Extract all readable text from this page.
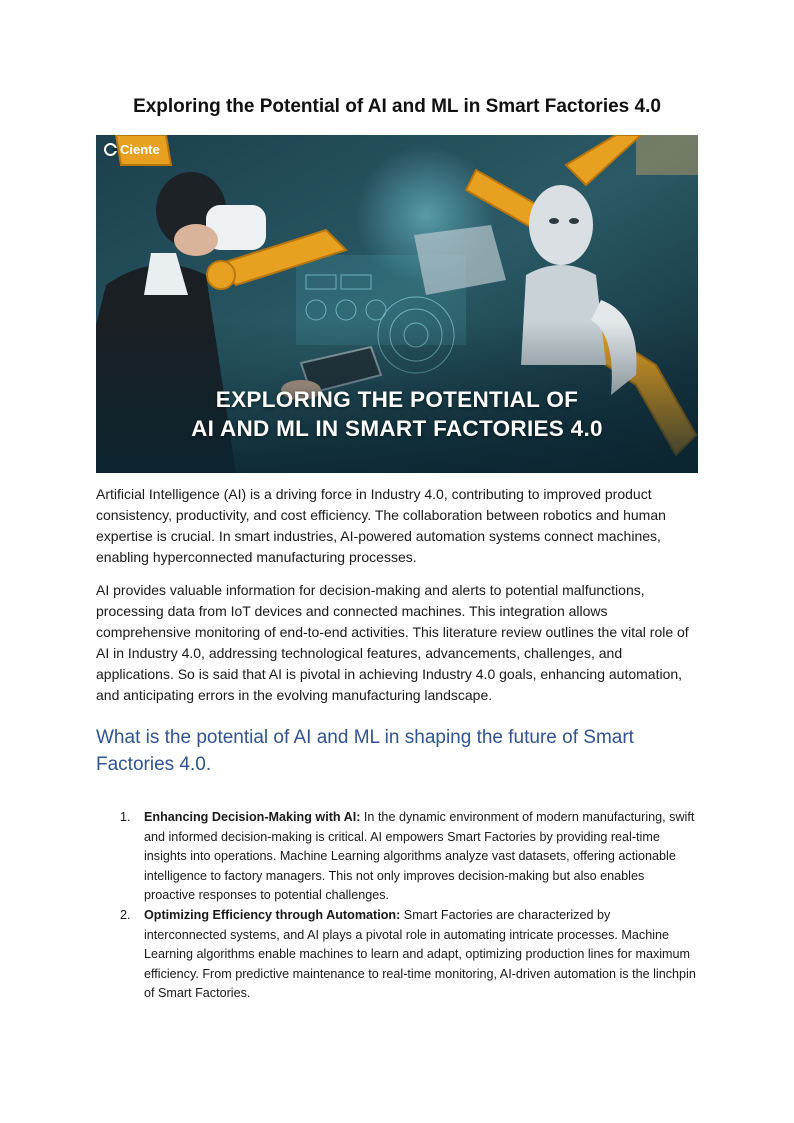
Exploring the Potential of AI and ML in Smart Factories 4.0
Ciente
EXPLORING THE POTENTIAL OF
AI AND ML IN SMART FACTORIES 4.0

Artificial Intelligence (AI) is a driving force in Industry 4.0, contributing to improved product consistency, productivity, and cost efficiency. The collaboration between robotics and human expertise is crucial. In smart industries, AI-powered automation systems connect machines, enabling hyperconnected manufacturing processes.

AI provides valuable information for decision-making and alerts to potential malfunctions, processing data from IoT devices and connected machines. This integration allows comprehensive monitoring of end-to-end activities. This literature review outlines the vital role of AI in Industry 4.0, addressing technological features, advancements, challenges, and applications. So is said that AI is pivotal in achieving Industry 4.0 goals, enhancing automation, and anticipating errors in the evolving manufacturing landscape.

What is the potential of AI and ML in shaping the future of Smart Factories 4.0.
1. Enhancing Decision-Making with AI: In the dynamic environment of modern manufacturing, swift and informed decision-making is critical. AI empowers Smart Factories by providing real-time insights into operations. Machine Learning algorithms analyze vast datasets, offering actionable intelligence to factory managers. This not only improves decision-making but also enables proactive responses to potential challenges.
2. Optimizing Efficiency through Automation: Smart Factories are characterized by interconnected systems, and AI plays a pivotal role in automating intricate processes. Machine Learning algorithms enable machines to learn and adapt, optimizing production lines for maximum efficiency. From predictive maintenance to real-time monitoring, AI-driven automation is the linchpin of Smart Factories.
